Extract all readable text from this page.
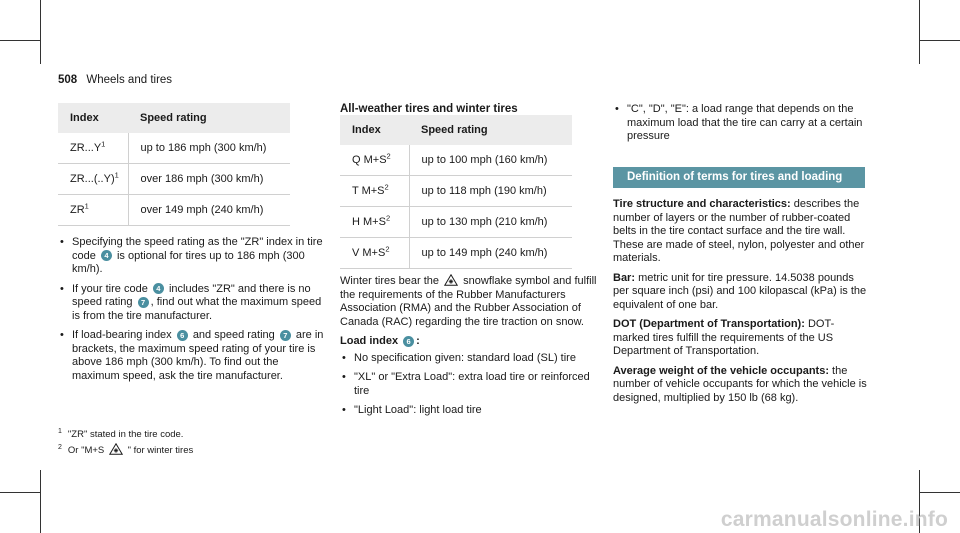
508 Wheels and tires
Index	Speed rating
$ZR...Y^1$	up to 186 mph (300 km/h)
$ZR...(..Y)^1$	over 186 mph (300 km/h)
$ZR^1$	over 149 mph (240 km/h)
• Specifying the speed rating as the "ZR" index in tire code 4 is optional for tires up to 186 mph (300 km/h).
• If your tire code 4 includes "ZR" and there is no speed rating 7 , find out what the maximum speed is from the tire manufacturer.
• If load-bearing index 6 and speed rating 7 are in brackets, the maximum speed rating of your tire is above 186 mph (300 km/h). To find out the maximum speed, ask the tire manufacturer.
All-weather tires and winter tires
Index	Speed rating
Q $M+S^2$	up to 100 mph (160 km/h)
T $M+S^2$	up to 118 mph (190 km/h)
H $M+S^2$	up to 130 mph (210 km/h)
V $M+S^2$	up to 149 mph (240 km/h)

Winter tires bear the snowflake symbol and fulfill the requirements of the Rubber Manufacturers Association (RMA) and the Rubber Association of Canada (RAC) regarding the tire traction on snow.

Load index 6 :

• No specification given: standard load (SL) tire
• "XL" or "Extra Load": extra load tire or reinforced tire
• "Light Load": light load tire
• "C", "D", "E": a load range that depends on the maximum load that the tire can carry at a certain pressure
Definition of terms for tires and loading

Tire structure and characteristics: describes the number of layers or the number of rubber-coated belts in the tire contact surface and the tire wall. These are made of steel, nylon, polyester and other materials.

Bar: metric unit for tire pressure. 14.5038 pounds per square inch (psi) and 100 kilopascal (kPa) is the equivalent of one bar.

DOT (Department of Transportation): DOT-marked tires fulfill the requirements of the US Department of Transportation.

Average weight of the vehicle occupants: the number of vehicle occupants for which the vehicle is designed, multiplied by 150 lb (68 kg).

$^1$ "ZR" stated in the tire code.
$^2$ Or "M+S " for winter tires
carmanualsonline.info
